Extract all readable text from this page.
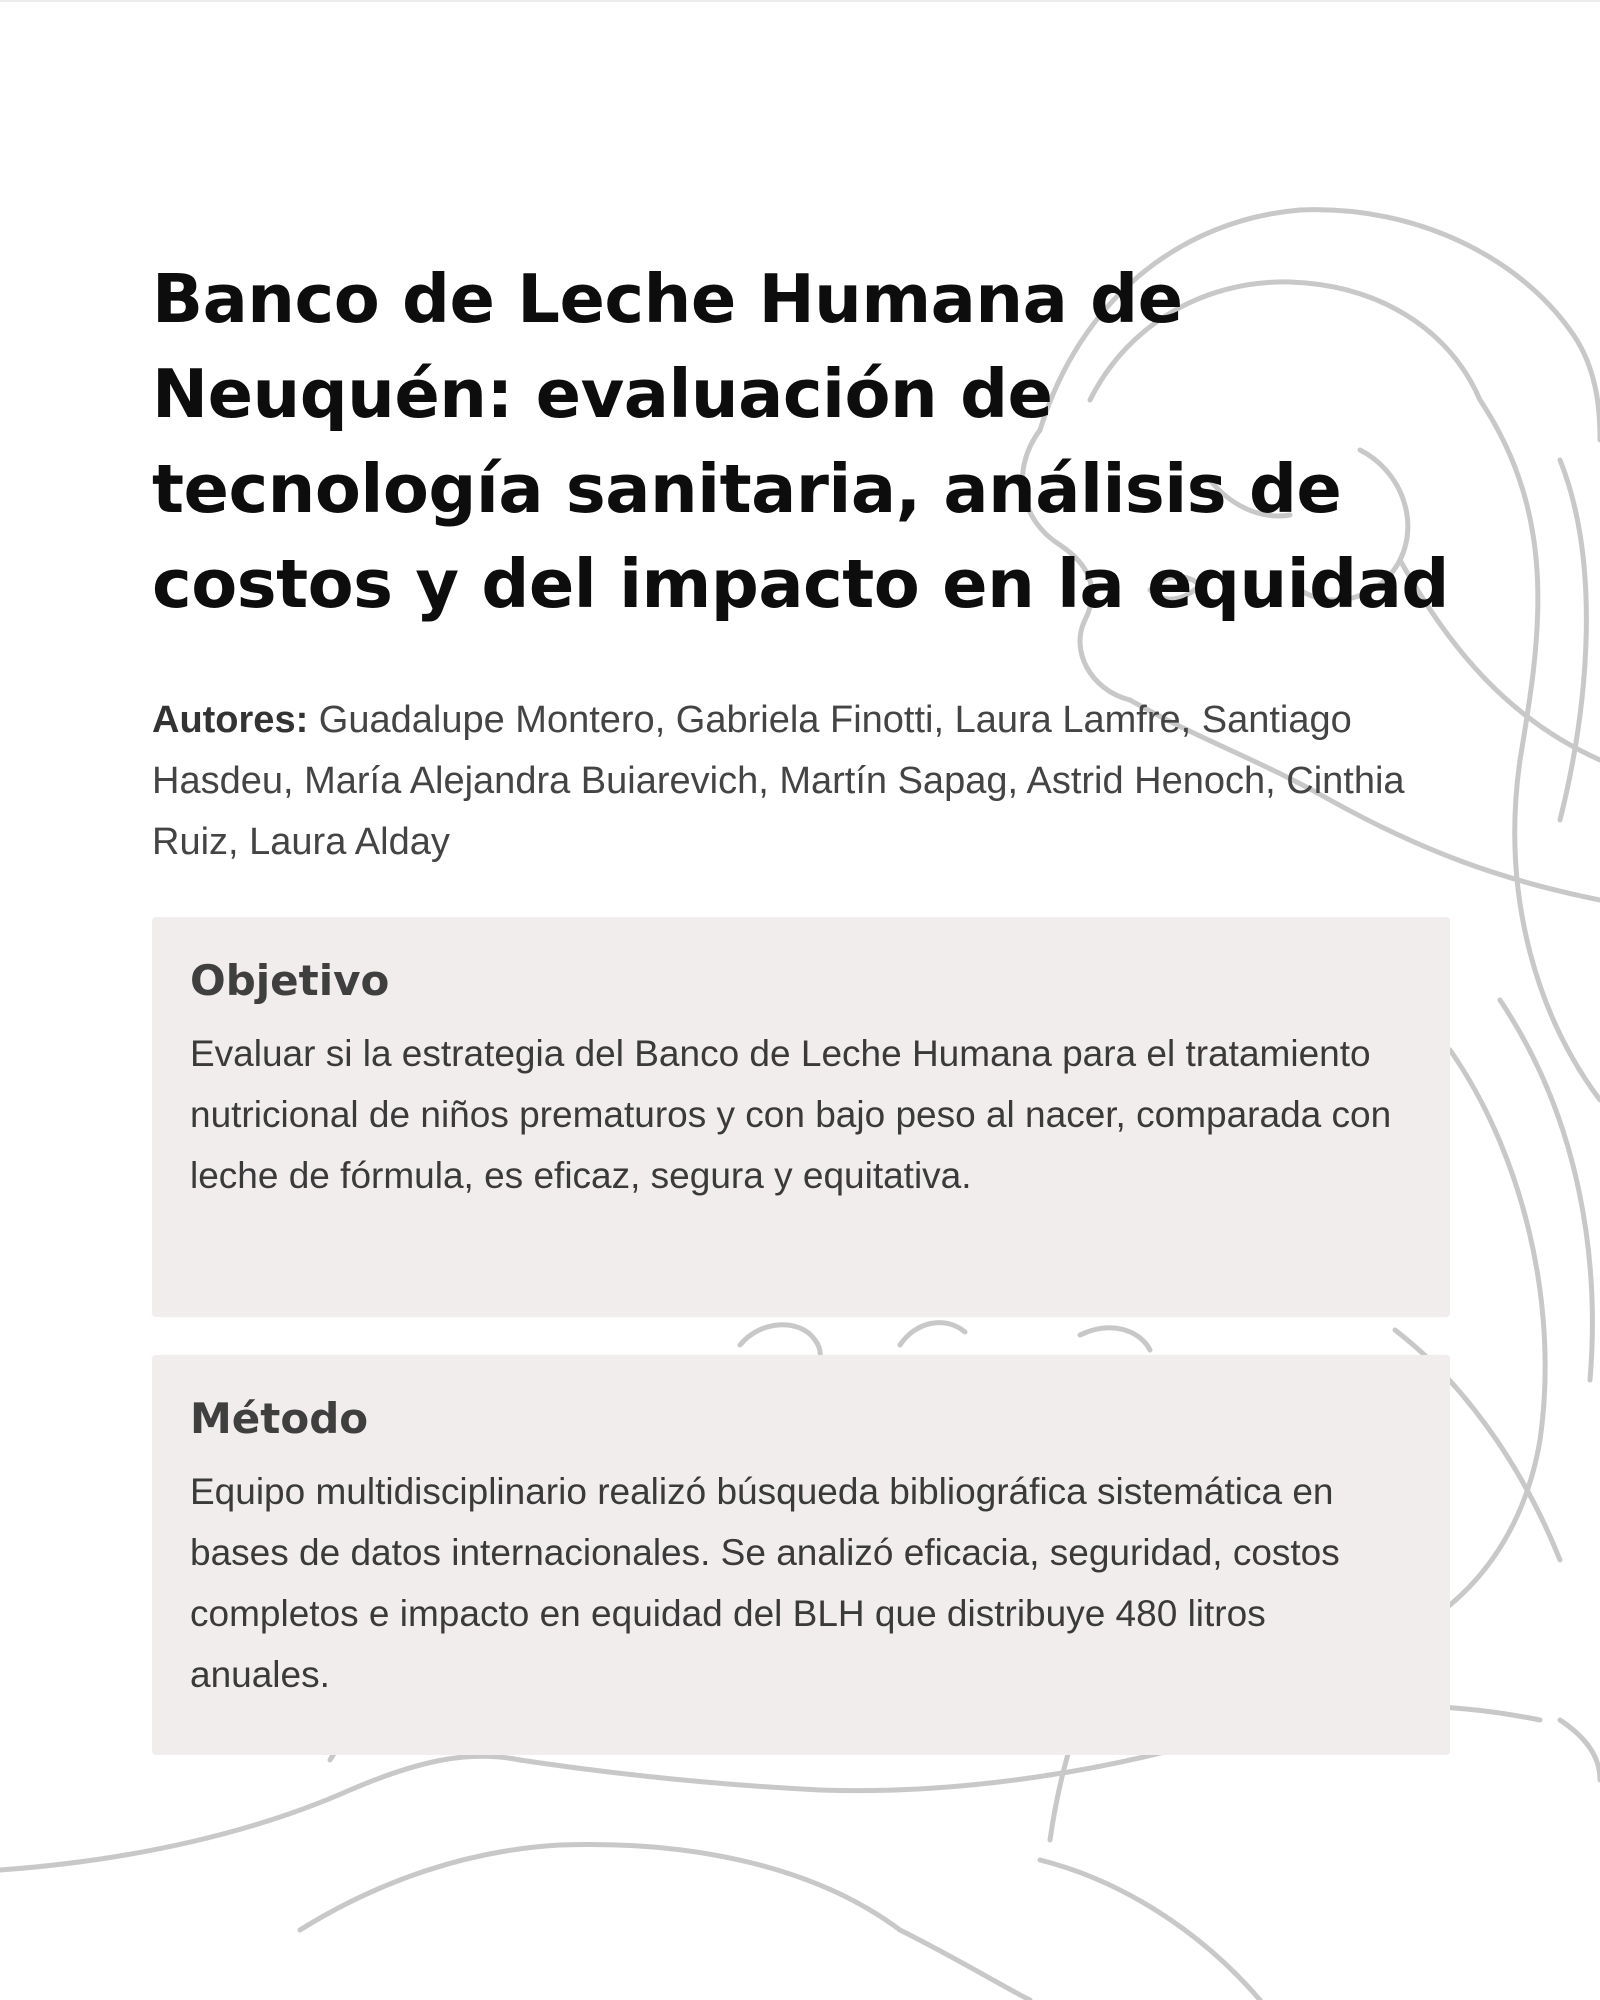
Banco de Leche Humana de Neuquén: evaluación de tecnología sanitaria, análisis de costos y del impacto en la equidad

Autores: Guadalupe Montero, Gabriela Finotti, Laura Lamfre, Santiago Hasdeu, María Alejandra Buiarevich, Martín Sapag, Astrid Henoch, Cinthia Ruiz, Laura Alday

Objetivo

Evaluar si la estrategia del Banco de Leche Humana para el tratamiento nutricional de niños prematuros y con bajo peso al nacer, comparada con leche de fórmula, es eficaz, segura y equitativa.

Método

Equipo multidisciplinario realizó búsqueda bibliográfica sistemática en bases de datos internacionales. Se analizó eficacia, seguridad, costos completos e impacto en equidad del BLH que distribuye 480 litros anuales.
